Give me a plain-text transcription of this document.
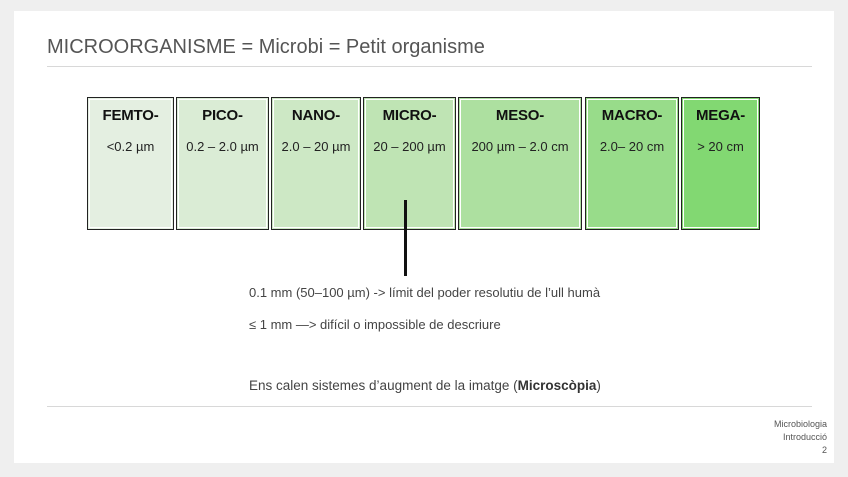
MICROORGANISME = Microbi = Petit organisme
FEMTO-
<0.2 µm
PICO-
0.2 – 2.0 µm
NANO-
2.0 – 20 µm
MICRO-
20 – 200 µm
MESO-
200 µm – 2.0 cm
MACRO-
2.0– 20 cm
MEGA-
> 20 cm
0.1 mm (50–100 µm) -> límit del poder resolutiu de l’ull humà
≤ 1 mm —> difícil o impossible de descriure
Ens calen sistemes d’augment de la imatge (Microscòpia)
Microbiologia
Introducció
2
